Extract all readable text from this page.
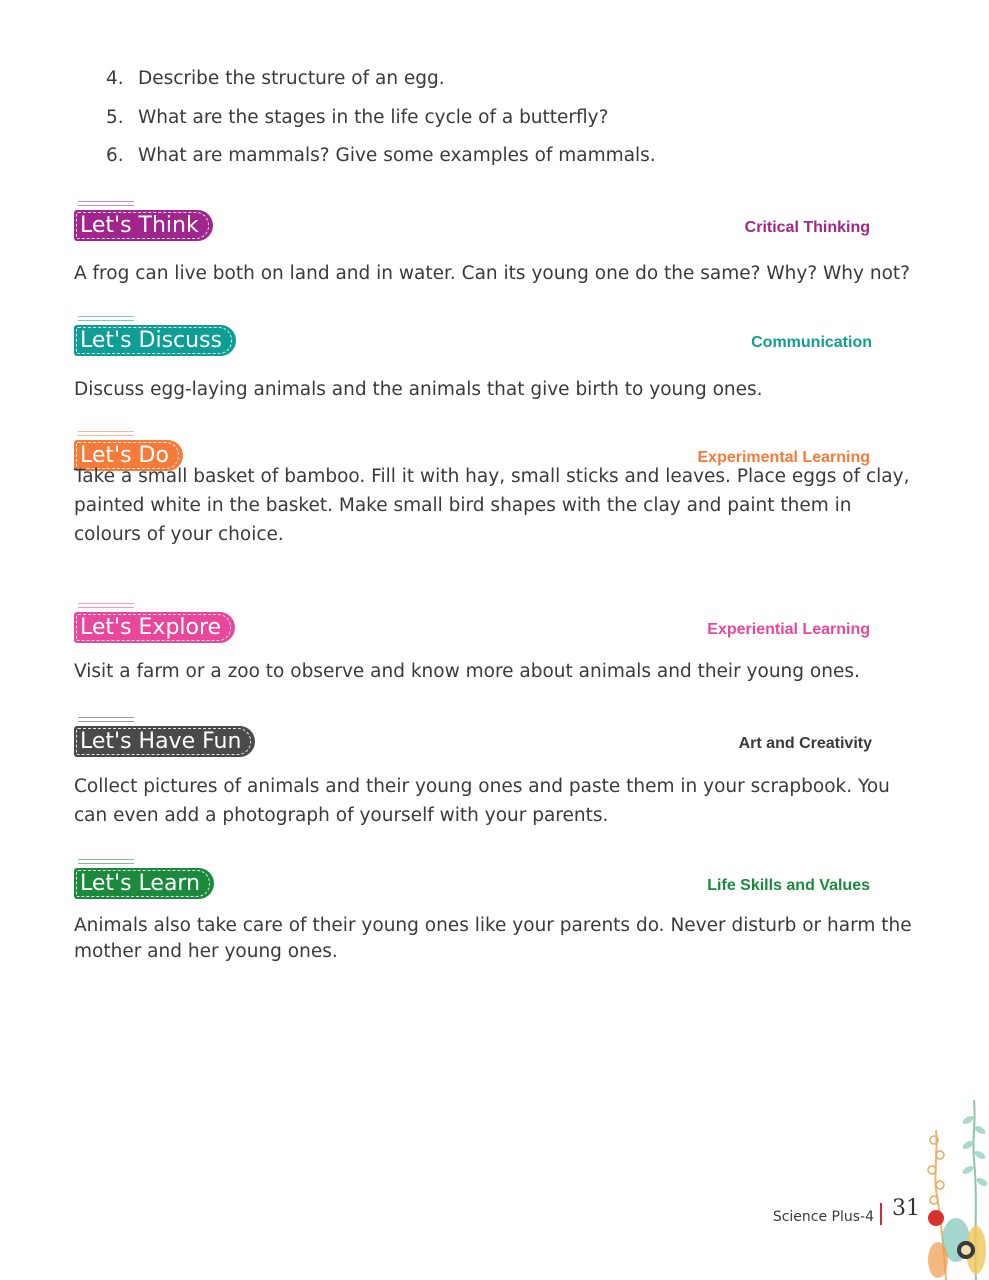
4. Describe the structure of an egg.
5. What are the stages in the life cycle of a butterfly?
6. What are mammals? Give some examples of mammals.
Let's Think	Critical Thinking
A frog can live both on land and in water. Can its young one do the same? Why? Why not?
Let's Discuss	Communication
Discuss egg-laying animals and the animals that give birth to young ones.
Let's Do	Experimental Learning
Take a small basket of bamboo. Fill it with hay, small sticks and leaves. Place eggs of clay, painted white in the basket. Make small bird shapes with the clay and paint them in colours of your choice.
Let's Explore	Experiential Learning
Visit a farm or a zoo to observe and know more about animals and their young ones.
Let's Have Fun	Art and Creativity
Collect pictures of animals and their young ones and paste them in your scrapbook. You can even add a photograph of yourself with your parents.
Let's Learn	Life Skills and Values
Animals also take care of their young ones like your parents do. Never disturb or harm the mother and her young ones.
Science Plus-4 31
